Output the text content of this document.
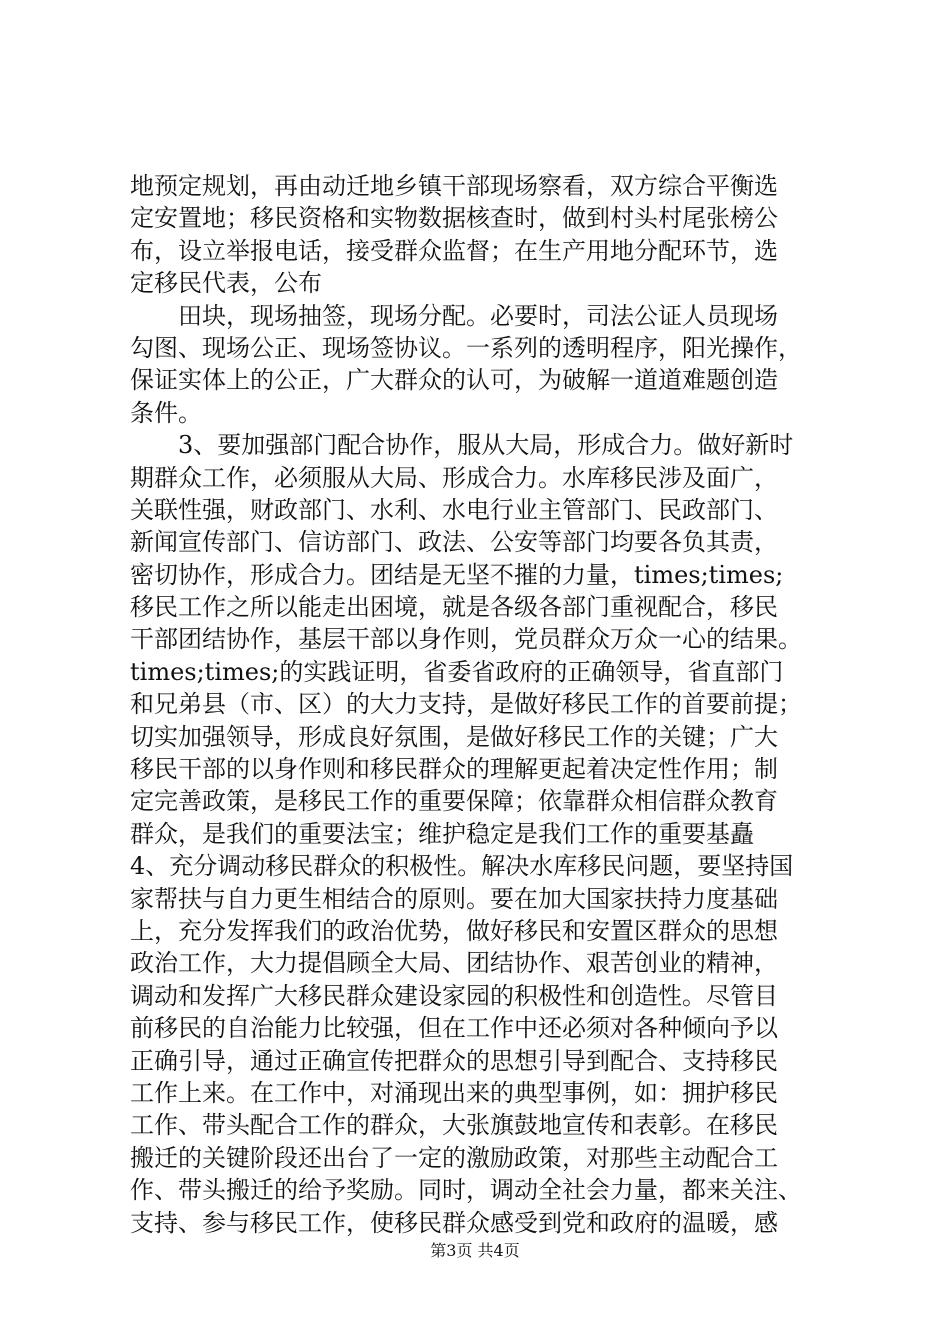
地预定规划，再由动迁地乡镇干部现场察看，双方综合平衡选
定安置地；移民资格和实物数据核查时，做到村头村尾张榜公
布，设立举报电话，接受群众监督；在生产用地分配环节，选
定移民代表，公布
田块，现场抽签，现场分配。必要时，司法公证人员现场
勾图、现场公正、现场签协议。一系列的透明程序，阳光操作，
保证实体上的公正，广大群众的认可，为破解一道道难题创造
条件。
3、要加强部门配合协作，服从大局，形成合力。做好新时
期群众工作，必须服从大局、形成合力。水库移民涉及面广，
关联性强，财政部门、水利、水电行业主管部门、民政部门、
新闻宣传部门、信访部门、政法、公安等部门均要各负其责，
密切协作，形成合力。团结是无坚不摧的力量，times;times;
移民工作之所以能走出困境，就是各级各部门重视配合，移民
干部团结协作，基层干部以身作则，党员群众万众一心的结果。
times;times;的实践证明，省委省政府的正确领导，省直部门
和兄弟县（市、区）的大力支持，是做好移民工作的首要前提；
切实加强领导，形成良好氛围，是做好移民工作的关键；广大
移民干部的以身作则和移民群众的理解更起着决定性作用；制
定完善政策，是移民工作的重要保障；依靠群众相信群众教育
群众，是我们的重要法宝；维护稳定是我们工作的重要基矗
4、充分调动移民群众的积极性。解决水库移民问题，要坚持国
家帮扶与自力更生相结合的原则。要在加大国家扶持力度基础
上，充分发挥我们的政治优势，做好移民和安置区群众的思想
政治工作，大力提倡顾全大局、团结协作、艰苦创业的精神，
调动和发挥广大移民群众建设家园的积极性和创造性。尽管目
前移民的自治能力比较强，但在工作中还必须对各种倾向予以
正确引导，通过正确宣传把群众的思想引导到配合、支持移民
工作上来。在工作中，对涌现出来的典型事例，如：拥护移民
工作、带头配合工作的群众，大张旗鼓地宣传和表彰。在移民
搬迁的关键阶段还出台了一定的激励政策，对那些主动配合工
作、带头搬迁的给予奖励。同时，调动全社会力量，都来关注、
支持、参与移民工作，使移民群众感受到党和政府的温暖，感
第3页 共4页
